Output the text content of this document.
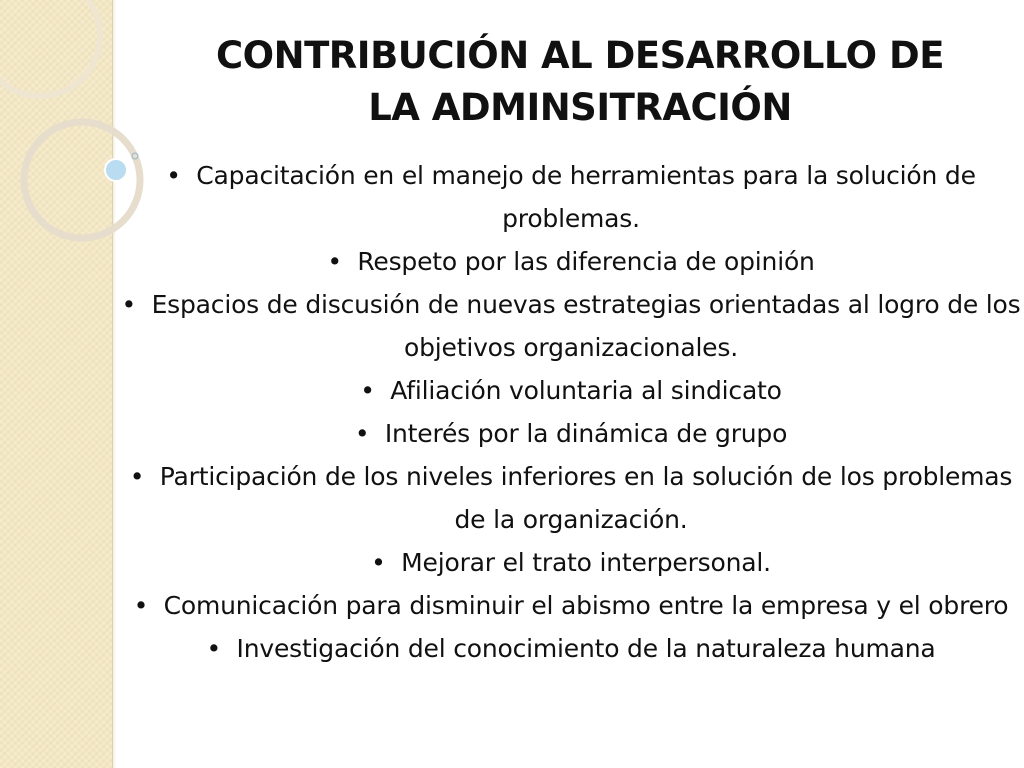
CONTRIBUCIÓN AL DESARROLLO DE
LA ADMINSITRACIÓN
•  Capacitación en el manejo de herramientas para la solución de problemas.
•  Respeto por las diferencia de opinión
•  Espacios de discusión de nuevas estrategias orientadas al logro de los objetivos organizacionales.
•  Afiliación voluntaria al sindicato
•  Interés por la dinámica de grupo
•  Participación de los niveles inferiores en la solución de los problemas de la organización.
•  Mejorar el trato interpersonal.
•  Comunicación para disminuir el abismo entre la empresa y el obrero
•  Investigación del conocimiento de la naturaleza humana
